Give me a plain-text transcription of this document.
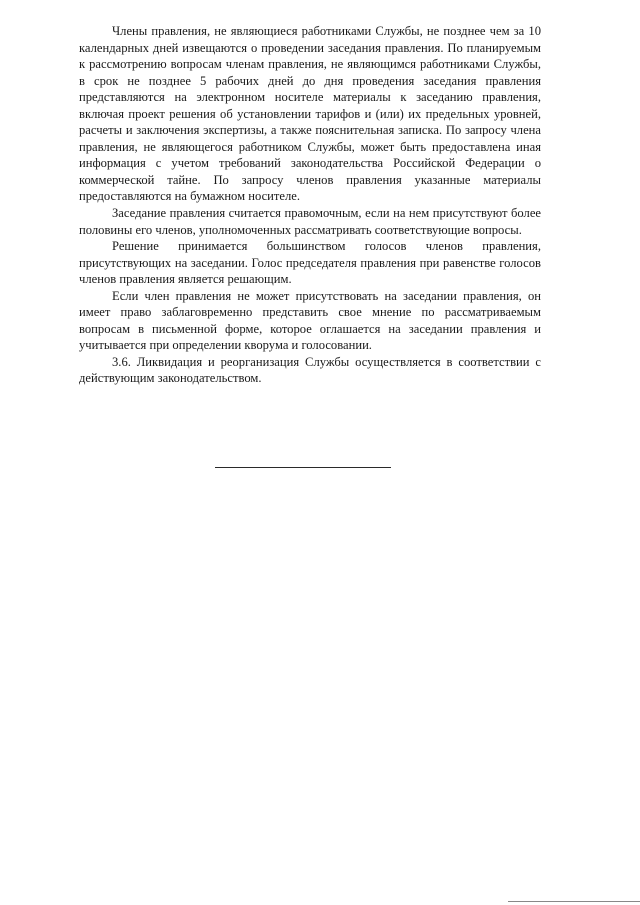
Члены правления, не являющиеся работниками Службы, не позднее чем за 10 календарных дней извещаются о проведении заседания правления. По планируемым к рассмотрению вопросам членам правления, не являющимся работниками Службы, в срок не позднее 5 рабочих дней до дня проведения заседания правления представляются на электронном носителе материалы к заседанию правления, включая проект решения об установлении тарифов и (или) их предельных уровней, расчеты и заключения экспертизы, а также пояснительная записка. По запросу члена правления, не являющегося работником Службы, может быть предоставлена иная информация с учетом требований законодательства Российской Федерации о коммерческой тайне. По запросу членов правления указанные материалы предоставляются на бумажном носителе.

Заседание правления считается правомочным, если на нем присутствуют более половины его членов, уполномоченных рассматривать соответствующие вопросы.

Решение принимается большинством голосов членов правления, присутствующих на заседании. Голос председателя правления при равенстве голосов членов правления является решающим.

Если член правления не может присутствовать на заседании правления, он имеет право заблаговременно представить свое мнение по рассматриваемым вопросам в письменной форме, которое оглашается на заседании правления и учитывается при определении кворума и голосовании.

3.6. Ликвидация и реорганизация Службы осуществляется в соответствии с действующим законодательством.
